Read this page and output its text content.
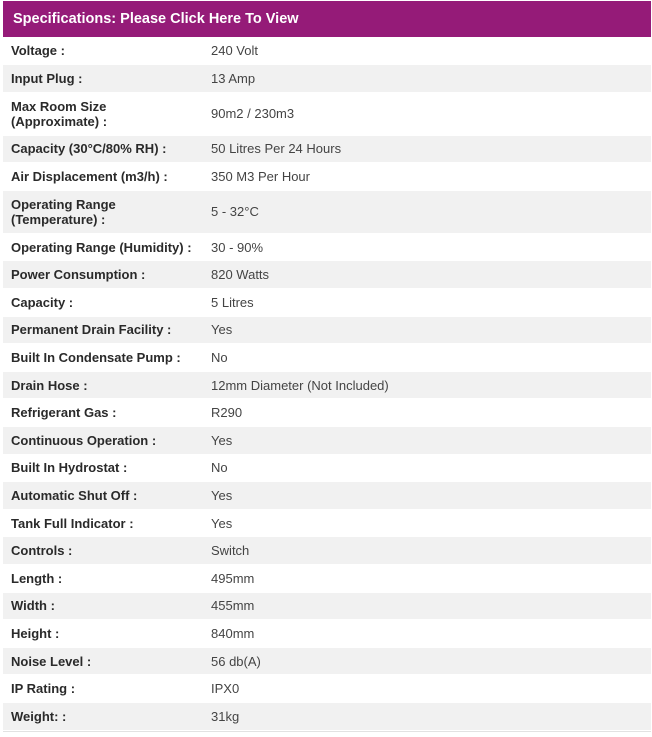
Specifications: Please Click Here To View
Voltage :	240 Volt
Input Plug :	13 Amp
Max Room Size (Approximate) :	90m2 / 230m3
Capacity (30°C/80% RH) :	50 Litres Per 24 Hours
Air Displacement (m3/h) :	350 M3 Per Hour
Operating Range (Temperature) :	5 - 32°C
Operating Range (Humidity) :	30 - 90%
Power Consumption :	820 Watts
Capacity :	5 Litres
Permanent Drain Facility :	Yes
Built In Condensate Pump :	No
Drain Hose :	12mm Diameter (Not Included)
Refrigerant Gas :	R290
Continuous Operation :	Yes
Built In Hydrostat :	No
Automatic Shut Off :	Yes
Tank Full Indicator :	Yes
Controls :	Switch
Length :	495mm
Width :	455mm
Height :	840mm
Noise Level :	56 db(A)
IP Rating :	IPX0
Weight: :	31kg
